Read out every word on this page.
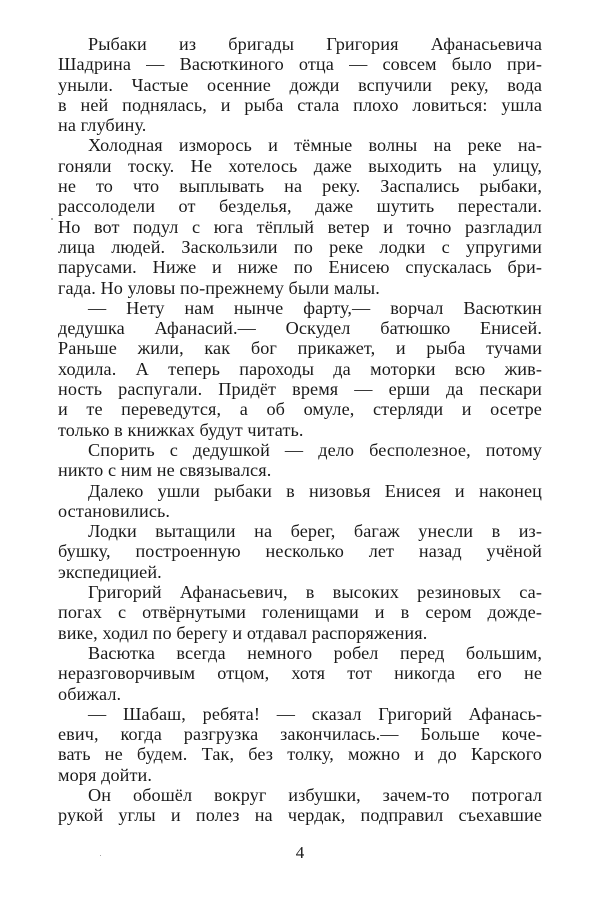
Рыбаки из бригады Григория Афанасьевича
Шадрина — Васюткиного отца — совсем было при-
уныли. Частые осенние дожди вспучили реку, вода
в ней поднялась, и рыба стала плохо ловиться: ушла
на глубину.
Холодная изморось и тёмные волны на реке на-
гоняли тоску. Не хотелось даже выходить на улицу,
не то что выплывать на реку. Заспались рыбаки,
рассолодели от безделья, даже шутить перестали.
Но вот подул с юга тёплый ветер и точно разгладил
лица людей. Заскользили по реке лодки с упругими
парусами. Ниже и ниже по Енисею спускалась бри-
гада. Но уловы по-прежнему были малы.
— Нету нам нынче фарту,— ворчал Васюткин
дедушка Афанасий.— Оскудел батюшко Енисей.
Раньше жили, как бог прикажет, и рыба тучами
ходила. А теперь пароходы да моторки всю жив-
ность распугали. Придёт время — ерши да пескари
и те переведутся, а об омуле, стерляди и осетре
только в книжках будут читать.
Спорить с дедушкой — дело бесполезное, потому
никто с ним не связывался.
Далеко ушли рыбаки в низовья Енисея и наконец
остановились.
Лодки вытащили на берег, багаж унесли в из-
бушку, построенную несколько лет назад учёной
экспедицией.
Григорий Афанасьевич, в высоких резиновых са-
погах с отвёрнутыми голенищами и в сером дожде-
вике, ходил по берегу и отдавал распоряжения.
Васютка всегда немного робел перед большим,
неразговорчивым отцом, хотя тот никогда его не
обижал.
— Шабаш, ребята! — сказал Григорий Афанась-
евич, когда разгрузка закончилась.— Больше коче-
вать не будем. Так, без толку, можно и до Карского
моря дойти.
Он обошёл вокруг избушки, зачем-то потрогал
рукой углы и полез на чердак, подправил съехавшие
4
